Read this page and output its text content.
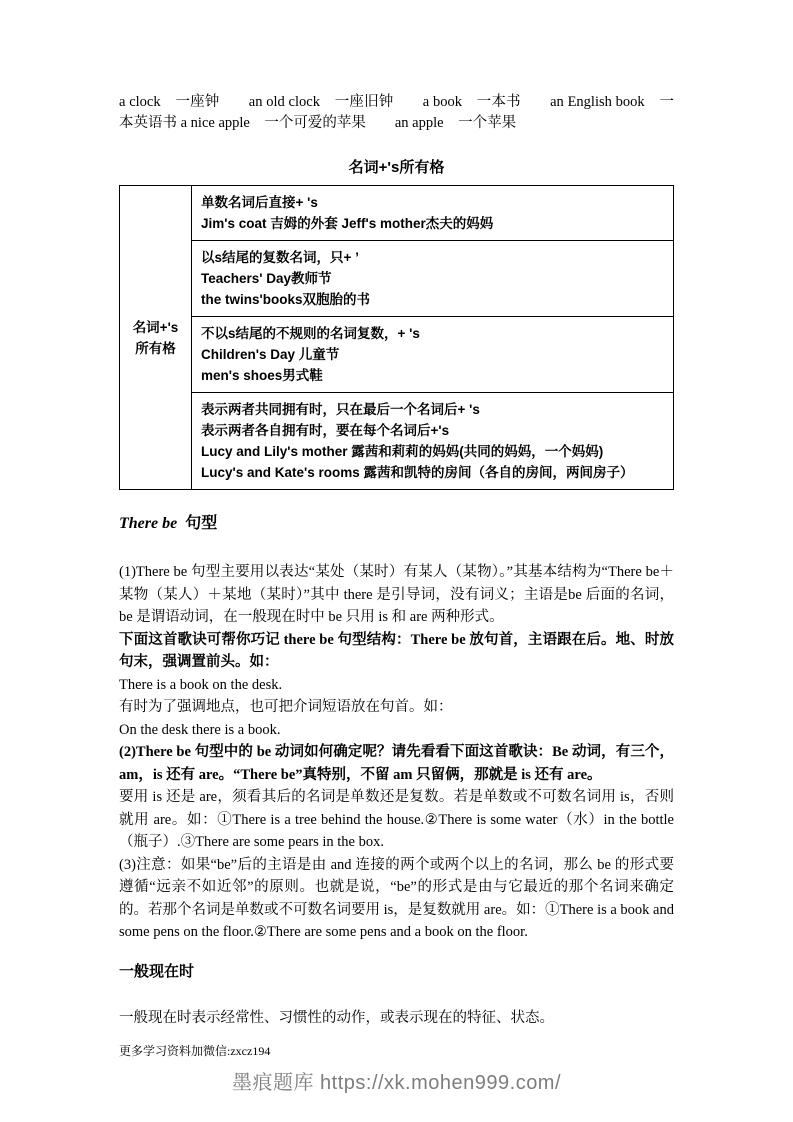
a clock　一座钟　　an old clock　一座旧钟　　a book　一本书　　an English book　一本英语书 a nice apple　一个可爱的苹果　　an apple　一个苹果
名词+'s所有格
名词+'s
所有格

单数名词后直接+ 's
Jim's coat 吉姆的外套 Jeff's mother杰夫的妈妈

以s结尾的复数名词，只+ ’
Teachers' Day教师节
the twins'books双胞胎的书

不以s结尾的不规则的名词复数，+ 's
Children's Day 儿童节
men's shoes男式鞋

表示两者共同拥有时，只在最后一个名词后+ 's
表示两者各自拥有时，要在每个名词后+'s
Lucy and Lily's mother 露茜和莉莉的妈妈(共同的妈妈，一个妈妈)
Lucy's and Kate's rooms 露茜和凯特的房间（各自的房间，两间房子）
There be 句型

(1)There be 句型主要用以表达“某处（某时）有某人（某物）。”其基本结构为“There be＋某物（某人）＋某地（某时）”其中 there 是引导词，没有词义；主语是be 后面的名词， be 是谓语动词，在一般现在时中 be 只用 is 和 are 两种形式。

下面这首歌诀可帮你巧记 there be 句型结构：There be 放句首，主语跟在后。地、时放句末，强调置前头。如：

There is a book on the desk.

有时为了强调地点，也可把介词短语放在句首。如：

On the desk there is a book.

(2)There be 句型中的 be 动词如何确定呢？请先看看下面这首歌诀：Be 动词，有三个，am，is 还有 are。“There be”真特别，不留 am 只留俩，那就是 is 还有 are。

要用 is 还是 are，须看其后的名词是单数还是复数。若是单数或不可数名词用 is，否则就用 are。如：①There is a tree behind the house.②There is some water（水）in the bottle（瓶子）.③There are some pears in the box.

(3)注意：如果“be”后的主语是由 and 连接的两个或两个以上的名词，那么 be 的形式要遵循“远亲不如近邻”的原则。也就是说，“be”的形式是由与它最近的那个名词来确定的。若那个名词是单数或不可数名词要用 is，是复数就用 are。如：①There is a book and some pens on the floor.②There are some pens and a book on the floor.

一般现在时
一般现在时表示经常性、习惯性的动作，或表示现在的特征、状态。
更多学习资料加微信:zxcz194
墨痕题库 https://xk.mohen999.com/
